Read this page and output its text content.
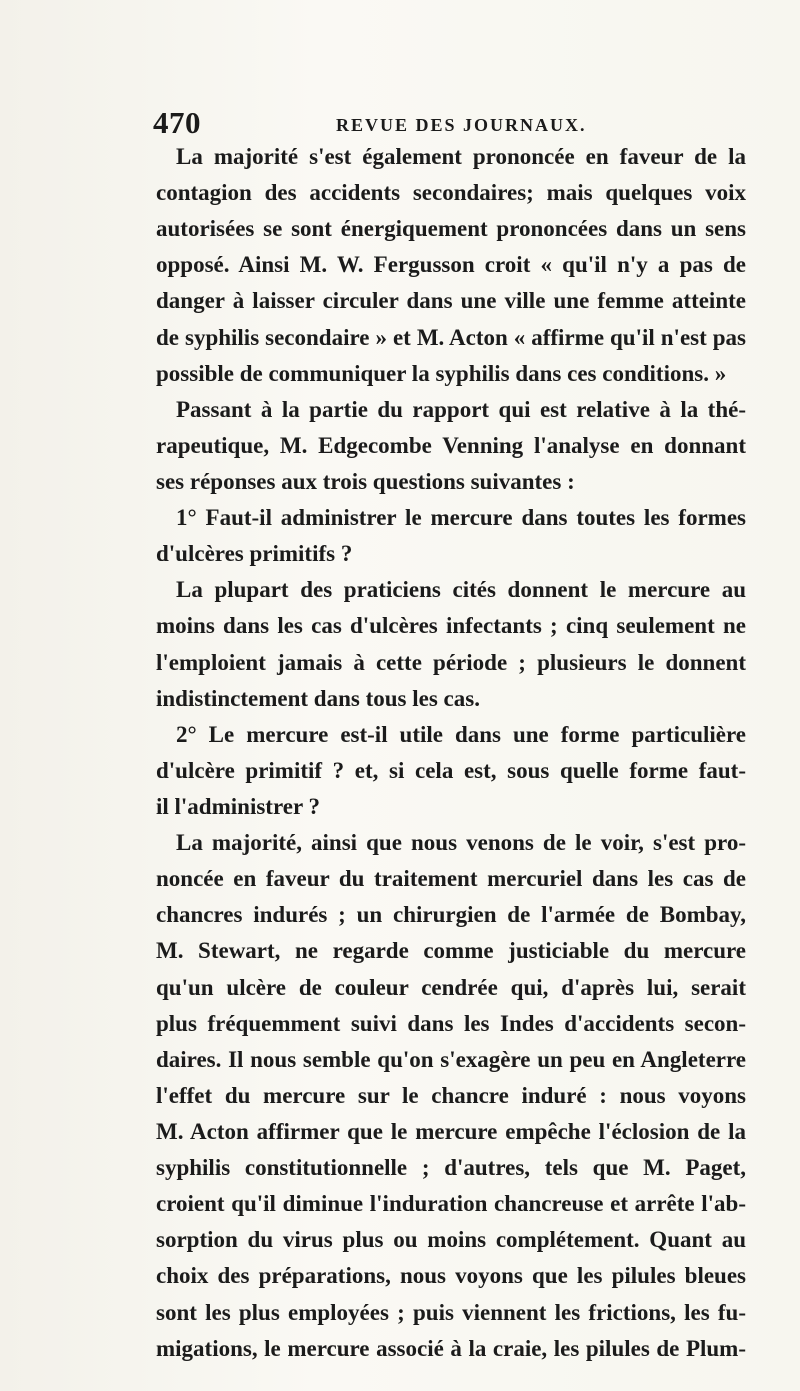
470	REVUE DES JOURNAUX.
La majorité s'est également prononcée en faveur de la
contagion des accidents secondaires; mais quelques voix
autorisées se sont énergiquement prononcées dans un sens
opposé. Ainsi M. W. Fergusson croit « qu'il n'y a pas de
danger à laisser circuler dans une ville une femme atteinte
de syphilis secondaire » et M. Acton « affirme qu'il n'est pas
possible de communiquer la syphilis dans ces conditions. »
Passant à la partie du rapport qui est relative à la thé-
rapeutique, M. Edgecombe Venning l'analyse en donnant
ses réponses aux trois questions suivantes :
1° Faut-il administrer le mercure dans toutes les formes
d'ulcères primitifs ?
La plupart des praticiens cités donnent le mercure au
moins dans les cas d'ulcères infectants ; cinq seulement ne
l'emploient jamais à cette période ; plusieurs le donnent
indistinctement dans tous les cas.
2° Le mercure est-il utile dans une forme particulière
d'ulcère primitif ? et, si cela est, sous quelle forme faut-
il l'administrer ?
La majorité, ainsi que nous venons de le voir, s'est pro-
noncée en faveur du traitement mercuriel dans les cas de
chancres indurés ; un chirurgien de l'armée de Bombay,
M. Stewart, ne regarde comme justiciable du mercure
qu'un ulcère de couleur cendrée qui, d'après lui, serait
plus fréquemment suivi dans les Indes d'accidents secon-
daires. Il nous semble qu'on s'exagère un peu en Angleterre
l'effet du mercure sur le chancre induré : nous voyons
M. Acton affirmer que le mercure empêche l'éclosion de la
syphilis constitutionnelle ; d'autres, tels que M. Paget,
croient qu'il diminue l'induration chancreuse et arrête l'ab-
sorption du virus plus ou moins complétement. Quant au
choix des préparations, nous voyons que les pilules bleues
sont les plus employées ; puis viennent les frictions, les fu-
migations, le mercure associé à la craie, les pilules de Plum-
